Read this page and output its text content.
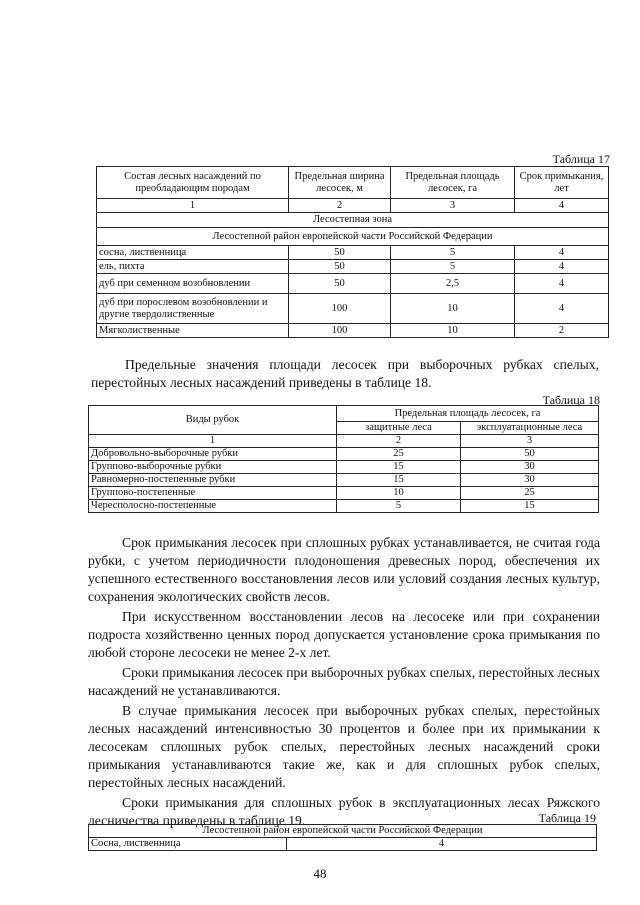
Таблица 17
Состав лесных насаждений по преобладающим породам	Предельная ширина лесосек, м	Предельная площадь лесосек, га	Срок примыкания, лет
1	2	3	4
Лесостепная зона			
Лесостепной район европейской части Российской Федерации			
сосна, лиственница	50	5	4
ель, пихта	50	5	4
дуб при семенном возобновлении	50	2,5	4
дуб при порослевом возобновлении и другие твердолиственные	100	10	4
Мягколиственные	100	10	2

Предельные значения площади лесосек при выборочных рубках спелых, перестойных лесных насаждений приведены в таблице 18.

Таблица 18
Виды рубок	Предельная площадь лесосек, га	
	защитные леса	эксплуатационные леса
1	2	3
Добровольно-выборочные рубки	25	50
Группово-выборочные рубки	15	30
Равномерно-постепенные рубки	15	30
Группово-постепенные	10	25
Чересполосно-постепенные	5	15

Срок примыкания лесосек при сплошных рубках устанавливается, не считая года рубки, с учетом периодичности плодоношения древесных пород, обеспечения их успешного естественного восстановления лесов или условий создания лесных культур, сохранения экологических свойств лесов.

При искусственном восстановлении лесов на лесосеке или при сохранении подроста хозяйственно ценных пород допускается установление срока примыкания по любой стороне лесосеки не менее 2-х лет.

Сроки примыкания лесосек при выборочных рубках спелых, перестойных лесных насаждений не устанавливаются.

В случае примыкания лесосек при выборочных рубках спелых, перестойных лесных насаждений интенсивностью 30 процентов и более при их примыкании к лесосекам сплошных рубок спелых, перестойных лесных насаждений сроки примыкания устанавливаются такие же, как и для сплошных рубок спелых, перестойных лесных насаждений.

Сроки примыкания для сплошных рубок в эксплуатационных лесах Ряжского лесничества приведены в таблице 19.	Таблица 19
Лесостепной район европейской части Российской Федерации
Сосна, лиственница	4
48
